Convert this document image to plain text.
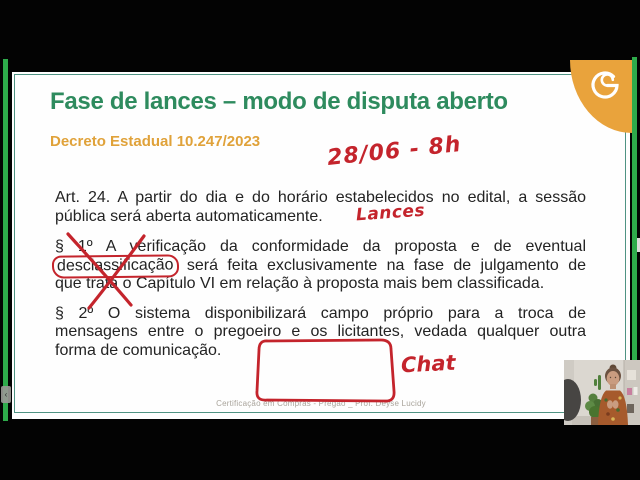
Fase de lances – modo de disputa aberto
Decreto Estadual 10.247/2023
Art. 24. A partir do dia e do horário estabelecidos no edital, a sessão
pública será aberta automaticamente.
§ 1º A verificação da conformidade da proposta e de eventual
desclassificação será feita exclusivamente na fase de julgamento de
que trata o Capítulo VI em relação à proposta mais bem classificada.
§ 2º O sistema disponibilizará campo próprio para a troca de
mensagens entre o pregoeiro e os licitantes, vedada qualquer outra
forma de comunicação.
Certificação em Compras - Pregão _ Prof. Deyse Lucidy
28/06 - 8h
Lances
Chat
‹
